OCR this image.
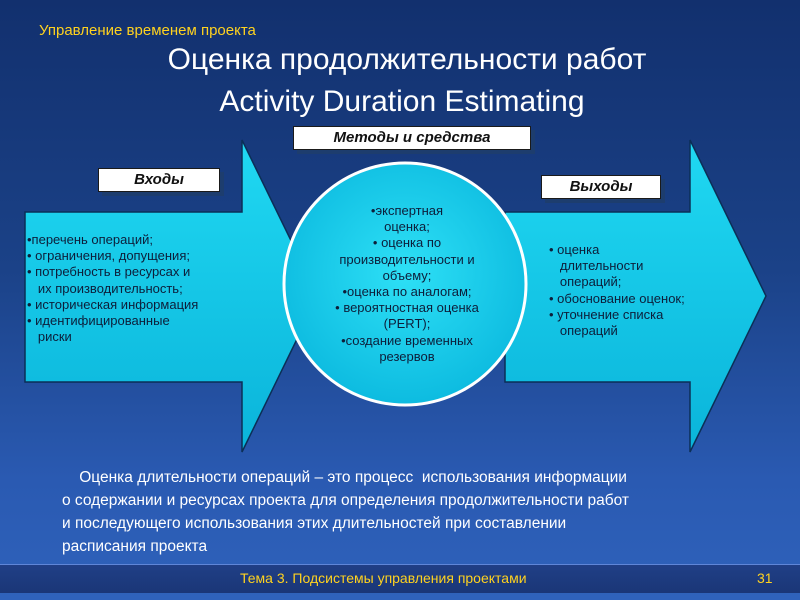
Управление временем проекта
Оценка продолжительности работ
Activity Duration Estimating
Методы и средства
Входы	Выходы
•перечень операций;
• ограничения, допущения;
• потребность в ресурсах и
их производительность;
• историческая информация
• идентифицированные
риски
•экспертная
оценка;
• оценка по
производительности и
объему;
•оценка по аналогам;
• вероятностная оценка
(PERT);
•создание временных
резервов
• оценка
длительности
операций;
• обоснование оценок;
• уточнение списка
операций
Оценка длительности операций – это процесс  использования информации
о содержании и ресурсах проекта для определения продолжительности работ
и последующего использования этих длительностей при составлении
расписания проекта
Тема 3. Подсистемы управления проектами	31
